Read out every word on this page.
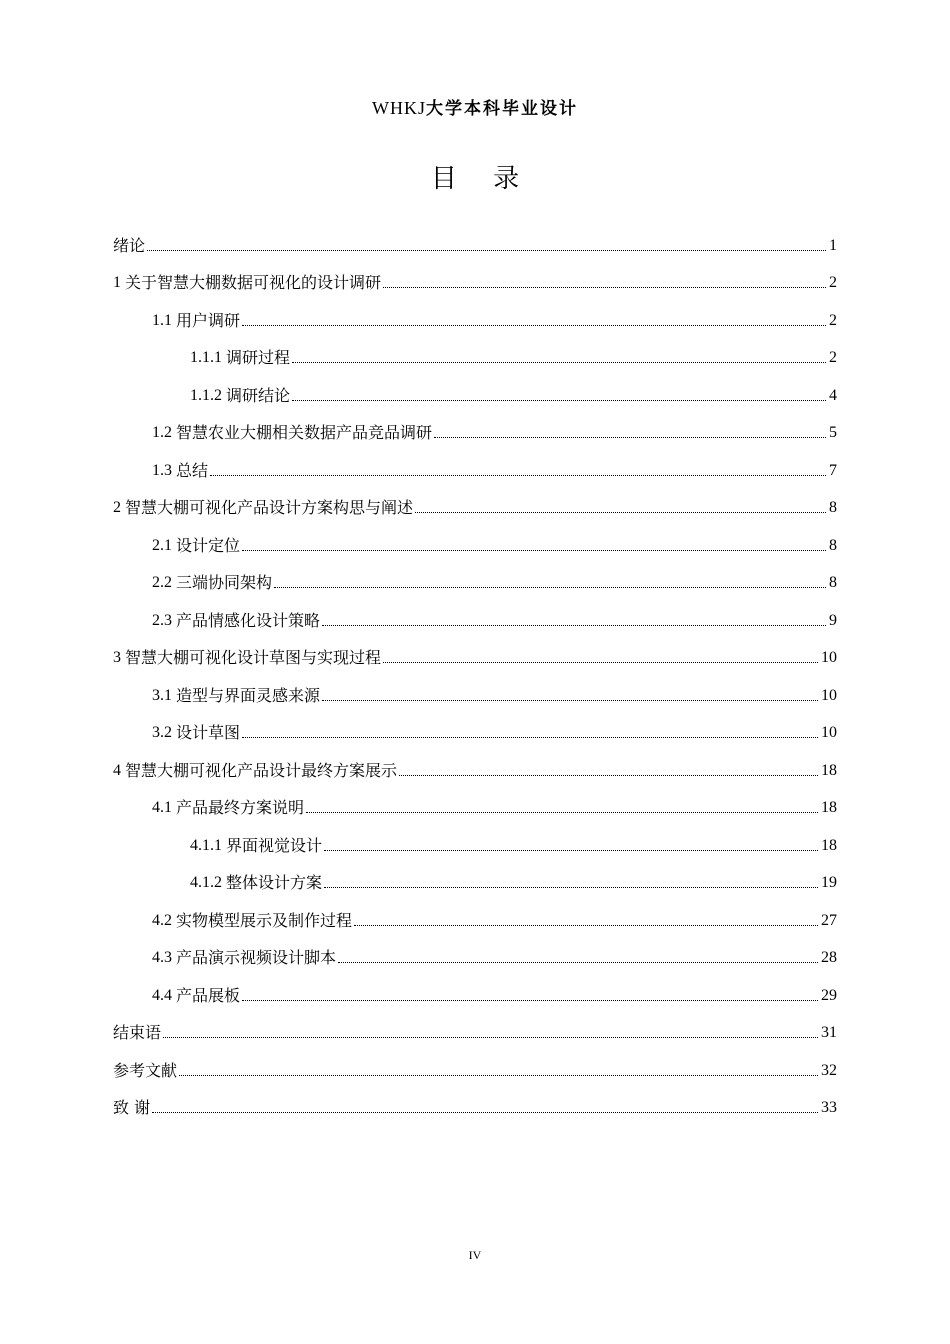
WHKJ大学本科毕业设计
目 录
绪论	1
1 关于智慧大棚数据可视化的设计调研	2
1.1 用户调研	2
1.1.1 调研过程	2
1.1.2 调研结论	4
1.2 智慧农业大棚相关数据产品竞品调研	5
1.3 总结	7
2 智慧大棚可视化产品设计方案构思与阐述	8
2.1 设计定位	8
2.2 三端协同架构	8
2.3 产品情感化设计策略	9
3 智慧大棚可视化设计草图与实现过程	10
3.1 造型与界面灵感来源	10
3.2 设计草图	10
4 智慧大棚可视化产品设计最终方案展示	18
4.1 产品最终方案说明	18
4.1.1 界面视觉设计	18
4.1.2 整体设计方案	19
4.2 实物模型展示及制作过程	27
4.3 产品演示视频设计脚本	28
4.4 产品展板	29
结束语	31
参考文献	32
致 谢	33
IV
